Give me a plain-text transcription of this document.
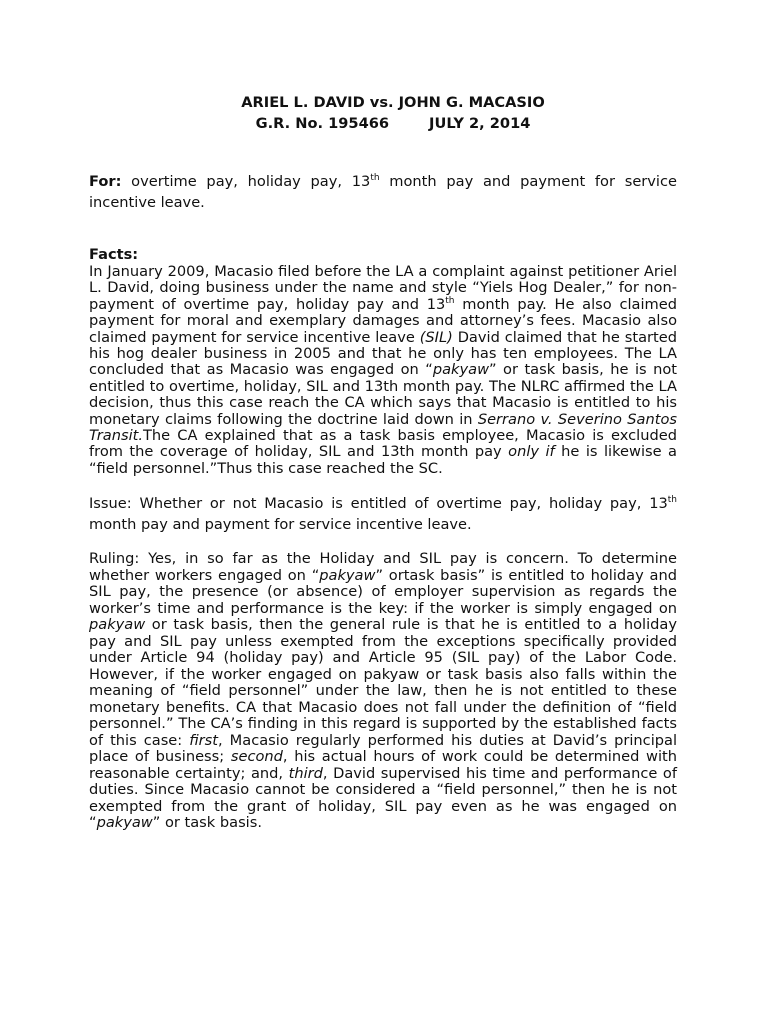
ARIEL L. DAVID vs. JOHN G. MACASIO
G.R. No. 195466	JULY 2, 2014
For: overtime pay, holiday pay, 13th month pay and payment for service incentive leave.
Facts:
In January 2009, Macasio filed before the LA a complaint against petitioner Ariel L. David, doing business under the name and style “Yiels Hog Dealer,” for non-payment of overtime pay, holiday pay and 13th month pay. He also claimed payment for moral and exemplary damages and attorney’s fees. Macasio also claimed payment for service incentive leave (SIL) David claimed that he started his hog dealer business in 2005 and that he only has ten employees. The LA concluded that as Macasio was engaged on “pakyaw” or task basis, he is not entitled to overtime, holiday, SIL and 13th month pay. The NLRC affirmed the LA decision, thus this case reach the CA which says that Macasio is entitled to his monetary claims following the doctrine laid down in Serrano v. Severino Santos Transit.The CA explained that as a task basis employee, Macasio is excluded from the coverage of holiday, SIL and 13th month pay only if he is likewise a “field personnel.”Thus this case reached the SC.
Issue: Whether or not Macasio is entitled of overtime pay, holiday pay, 13th month pay and payment for service incentive leave.
Ruling: Yes, in so far as the Holiday and SIL pay is concern. To determine whether workers engaged on “pakyaw” ortask basis” is entitled to holiday and SIL pay, the presence (or absence) of employer supervision as regards the worker’s time and performance is the key: if the worker is simply engaged on pakyaw or task basis, then the general rule is that he is entitled to a holiday pay and SIL pay unless exempted from the exceptions specifically provided under Article 94 (holiday pay) and Article 95 (SIL pay) of the Labor Code. However, if the worker engaged on pakyaw or task basis also falls within the meaning of “field personnel” under the law, then he is not entitled to these monetary benefits. CA that Macasio does not fall under the definition of “field personnel.” The CA’s finding in this regard is supported by the established facts of this case: first, Macasio regularly performed his duties at David’s principal place of business; second, his actual hours of work could be determined with reasonable certainty; and, third, David supervised his time and performance of duties. Since Macasio cannot be considered a “field personnel,” then he is not exempted from the grant of holiday, SIL pay even as he was engaged on “pakyaw” or task basis.
